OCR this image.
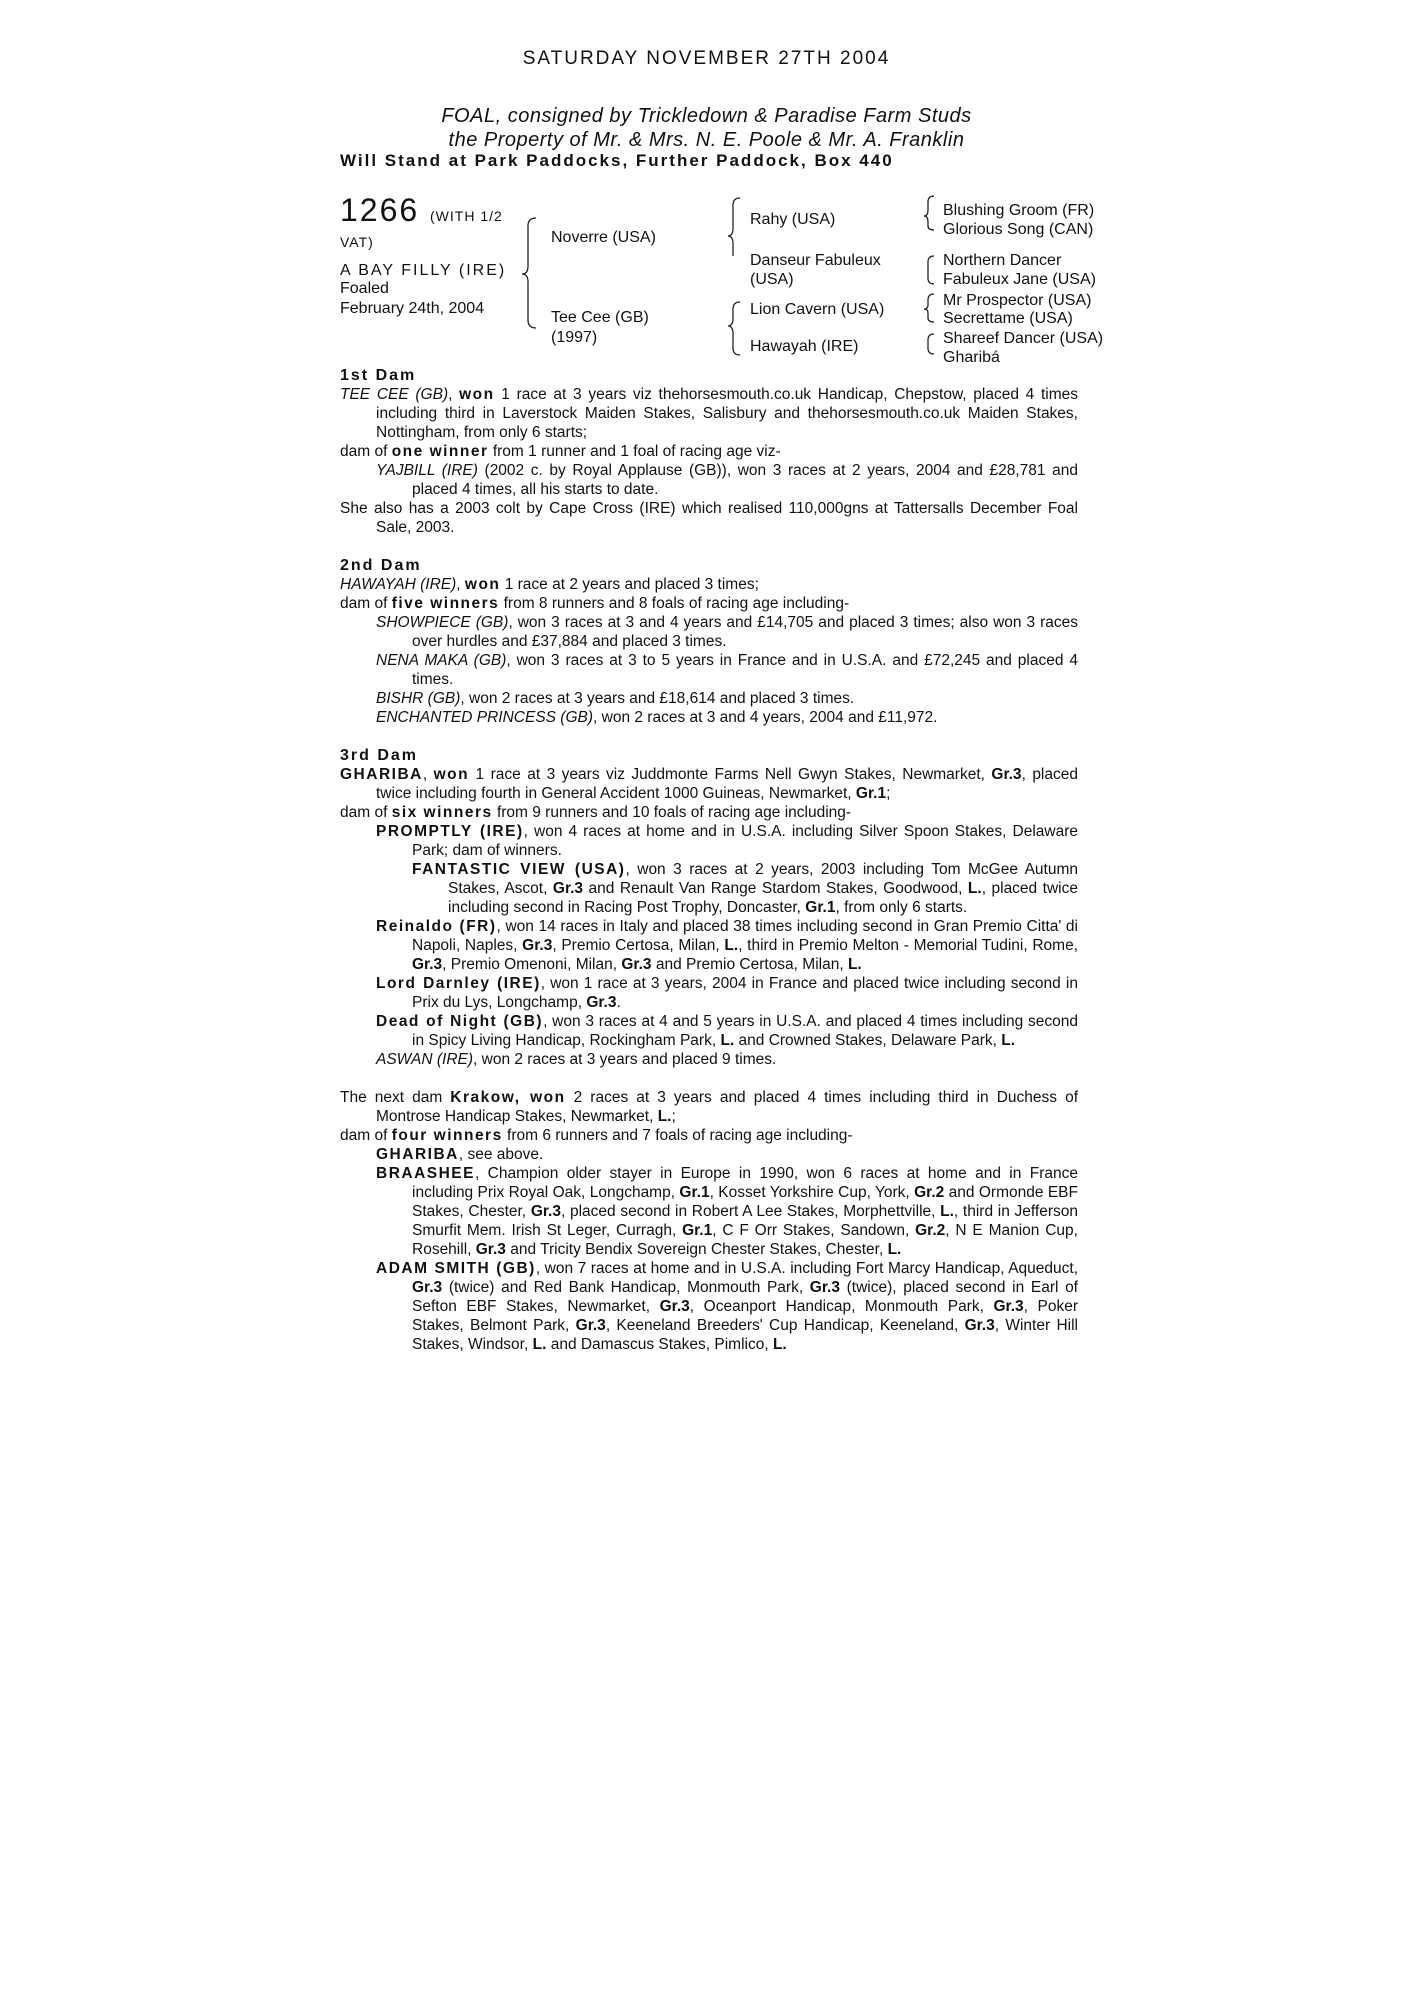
SATURDAY NOVEMBER 27TH 2004
FOAL, consigned by Trickledown & Paradise Farm Studs
the Property of Mr. & Mrs. N. E. Poole & Mr. A. Franklin
Will Stand at Park Paddocks, Further Paddock, Box 440
1266 (WITH 1/2
VAT)
A BAY FILLY (IRE)
Foaled
February 24th, 2004
Noverre (USA)
Tee Cee (GB)
(1997)
Rahy (USA)
Danseur Fabuleux
(USA)
Lion Cavern (USA)
Hawayah (IRE)
Blushing Groom (FR)
Glorious Song (CAN)
Northern Dancer
Fabuleux Jane (USA)
Mr Prospector (USA)
Secrettame (USA)
Shareef Dancer (USA)
Gharibá

1st Dam

TEE CEE (GB), won 1 race at 3 years viz thehorsesmouth.co.uk Handicap, Chepstow, placed 4 times including third in Laverstock Maiden Stakes, Salisbury and thehorsesmouth.co.uk Maiden Stakes, Nottingham, from only 6 starts;

dam of one winner from 1 runner and 1 foal of racing age viz-

YAJBILL (IRE) (2002 c. by Royal Applause (GB)), won 3 races at 2 years, 2004 and £28,781 and placed 4 times, all his starts to date.

She also has a 2003 colt by Cape Cross (IRE) which realised 110,000gns at Tattersalls December Foal Sale, 2003.

2nd Dam

HAWAYAH (IRE), won 1 race at 2 years and placed 3 times;

dam of five winners from 8 runners and 8 foals of racing age including-

SHOWPIECE (GB), won 3 races at 3 and 4 years and £14,705 and placed 3 times; also won 3 races over hurdles and £37,884 and placed 3 times.

NENA MAKA (GB), won 3 races at 3 to 5 years in France and in U.S.A. and £72,245 and placed 4 times.

BISHR (GB), won 2 races at 3 years and £18,614 and placed 3 times.

ENCHANTED PRINCESS (GB), won 2 races at 3 and 4 years, 2004 and £11,972.

3rd Dam

GHARIBA, won 1 race at 3 years viz Juddmonte Farms Nell Gwyn Stakes, Newmarket, Gr.3, placed twice including fourth in General Accident 1000 Guineas, Newmarket, Gr.1;

dam of six winners from 9 runners and 10 foals of racing age including-

PROMPTLY (IRE), won 4 races at home and in U.S.A. including Silver Spoon Stakes, Delaware Park; dam of winners.

FANTASTIC VIEW (USA), won 3 races at 2 years, 2003 including Tom McGee Autumn Stakes, Ascot, Gr.3 and Renault Van Range Stardom Stakes, Goodwood, L., placed twice including second in Racing Post Trophy, Doncaster, Gr.1, from only 6 starts.

Reinaldo (FR), won 14 races in Italy and placed 38 times including second in Gran Premio Citta' di Napoli, Naples, Gr.3, Premio Certosa, Milan, L., third in Premio Melton - Memorial Tudini, Rome, Gr.3, Premio Omenoni, Milan, Gr.3 and Premio Certosa, Milan, L.

Lord Darnley (IRE), won 1 race at 3 years, 2004 in France and placed twice including second in Prix du Lys, Longchamp, Gr.3.

Dead of Night (GB), won 3 races at 4 and 5 years in U.S.A. and placed 4 times including second in Spicy Living Handicap, Rockingham Park, L. and Crowned Stakes, Delaware Park, L.

ASWAN (IRE), won 2 races at 3 years and placed 9 times.

The next dam Krakow, won 2 races at 3 years and placed 4 times including third in Duchess of Montrose Handicap Stakes, Newmarket, L.;

dam of four winners from 6 runners and 7 foals of racing age including-

GHARIBA, see above.

BRAASHEE, Champion older stayer in Europe in 1990, won 6 races at home and in France including Prix Royal Oak, Longchamp, Gr.1, Kosset Yorkshire Cup, York, Gr.2 and Ormonde EBF Stakes, Chester, Gr.3, placed second in Robert A Lee Stakes, Morphettville, L., third in Jefferson Smurfit Mem. Irish St Leger, Curragh, Gr.1, C F Orr Stakes, Sandown, Gr.2, N E Manion Cup, Rosehill, Gr.3 and Tricity Bendix Sovereign Chester Stakes, Chester, L.

ADAM SMITH (GB), won 7 races at home and in U.S.A. including Fort Marcy Handicap, Aqueduct, Gr.3 (twice) and Red Bank Handicap, Monmouth Park, Gr.3 (twice), placed second in Earl of Sefton EBF Stakes, Newmarket, Gr.3, Oceanport Handicap, Monmouth Park, Gr.3, Poker Stakes, Belmont Park, Gr.3, Keeneland Breeders' Cup Handicap, Keeneland, Gr.3, Winter Hill Stakes, Windsor, L. and Damascus Stakes, Pimlico, L.
